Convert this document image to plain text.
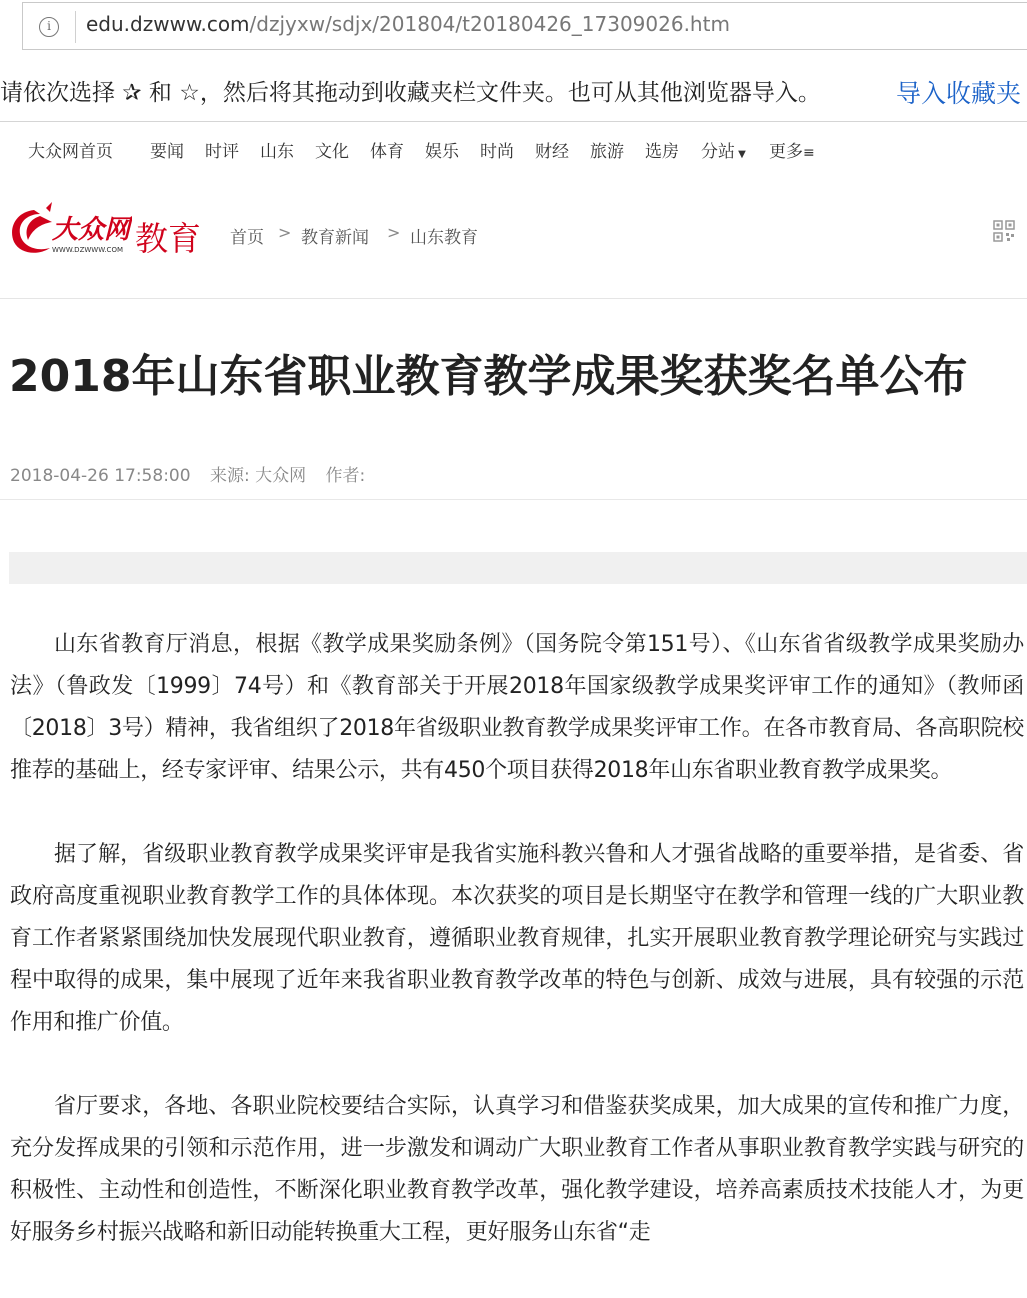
i	edu.dzwww.com/dzjyxw/sdjx/201804/t20180426_17309026.htm
请依次选择 ✰ 和 ☆，然后将其拖动到收藏夹栏文件夹。也可从其他浏览器导入。	导入收藏夹
大众网首页 要闻 时评 山东 文化 体育 娱乐 时尚 财经 旅游 选房 分站 ▼ 更多≡
大众网
WWW.DZWWW.COM 教育 首页 > 教育新闻 > 山东教育
2018年山东省职业教育教学成果奖获奖名单公布
2018-04-26 17:58:00 来源: 大众网 作者:

山东省教育厅消息，根据《教学成果奖励条例》（国务院令第151号）、《山东省省级教学成果奖励办法》（鲁政发〔1999〕74号）和《教育部关于开展2018年国家级教学成果奖评审工作的通知》（教师函〔2018〕3号）精神，我省组织了2018年省级职业教育教学成果奖评审工作。在各市教育局、各高职院校推荐的基础上，经专家评审、结果公示，共有450个项目获得2018年山东省职业教育教学成果奖。

据了解，省级职业教育教学成果奖评审是我省实施科教兴鲁和人才强省战略的重要举措，是省委、省政府高度重视职业教育教学工作的具体体现。本次获奖的项目是长期坚守在教学和管理一线的广大职业教育工作者紧紧围绕加快发展现代职业教育，遵循职业教育规律，扎实开展职业教育教学理论研究与实践过程中取得的成果，集中展现了近年来我省职业教育教学改革的特色与创新、成效与进展，具有较强的示范作用和推广价值。

省厅要求，各地、各职业院校要结合实际，认真学习和借鉴获奖成果，加大成果的宣传和推广力度，充分发挥成果的引领和示范作用，进一步激发和调动广大职业教育工作者从事职业教育教学实践与研究的积极性、主动性和创造性，不断深化职业教育教学改革，强化教学建设，培养高素质技术技能人才，为更好服务乡村振兴战略和新旧动能转换重大工程，更好服务山东省“走
